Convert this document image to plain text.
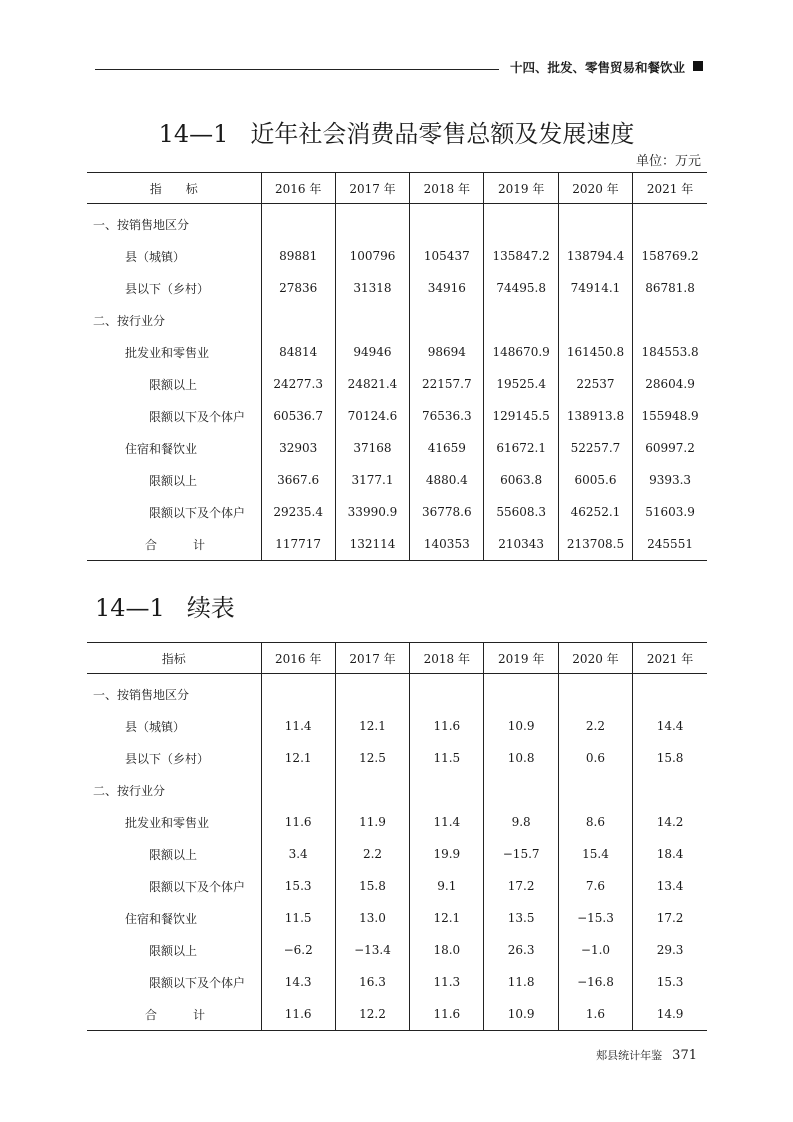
十四、批发、零售贸易和餐饮业
14—1 近年社会消费品零售总额及发展速度
单位：万元
指　　标	2016 年	2017 年	2018 年	2019 年	2020 年	2021 年
一、按销售地区分						
县（城镇）	89881	100796	105437	135847.2	138794.4	158769.2
县以下（乡村）	27836	31318	34916	74495.8	74914.1	86781.8
二、按行业分						
批发业和零售业	84814	94946	98694	148670.9	161450.8	184553.8
限额以上	24277.3	24821.4	22157.7	19525.4	22537	28604.9
限额以下及个体户	60536.7	70124.6	76536.3	129145.5	138913.8	155948.9
住宿和餐饮业	32903	37168	41659	61672.1	52257.7	60997.2
限额以上	3667.6	3177.1	4880.4	6063.8	6005.6	9393.3
限额以下及个体户	29235.4	33990.9	36778.6	55608.3	46252.1	51603.9
合　　　计	117717	132114	140353	210343	213708.5	245551
14—1 续表
指标	2016 年	2017 年	2018 年	2019 年	2020 年	2021 年
一、按销售地区分						
县（城镇）	11.4	12.1	11.6	10.9	2.2	14.4
县以下（乡村）	12.1	12.5	11.5	10.8	0.6	15.8
二、按行业分						
批发业和零售业	11.6	11.9	11.4	9.8	8.6	14.2
限额以上	3.4	2.2	19.9	−15.7	15.4	18.4
限额以下及个体户	15.3	15.8	9.1	17.2	7.6	13.4
住宿和餐饮业	11.5	13.0	12.1	13.5	−15.3	17.2
限额以上	−6.2	−13.4	18.0	26.3	−1.0	29.3
限额以下及个体户	14.3	16.3	11.3	11.8	−16.8	15.3
合　　　计	11.6	12.2	11.6	10.9	1.6	14.9
郏县统计年鉴 371
